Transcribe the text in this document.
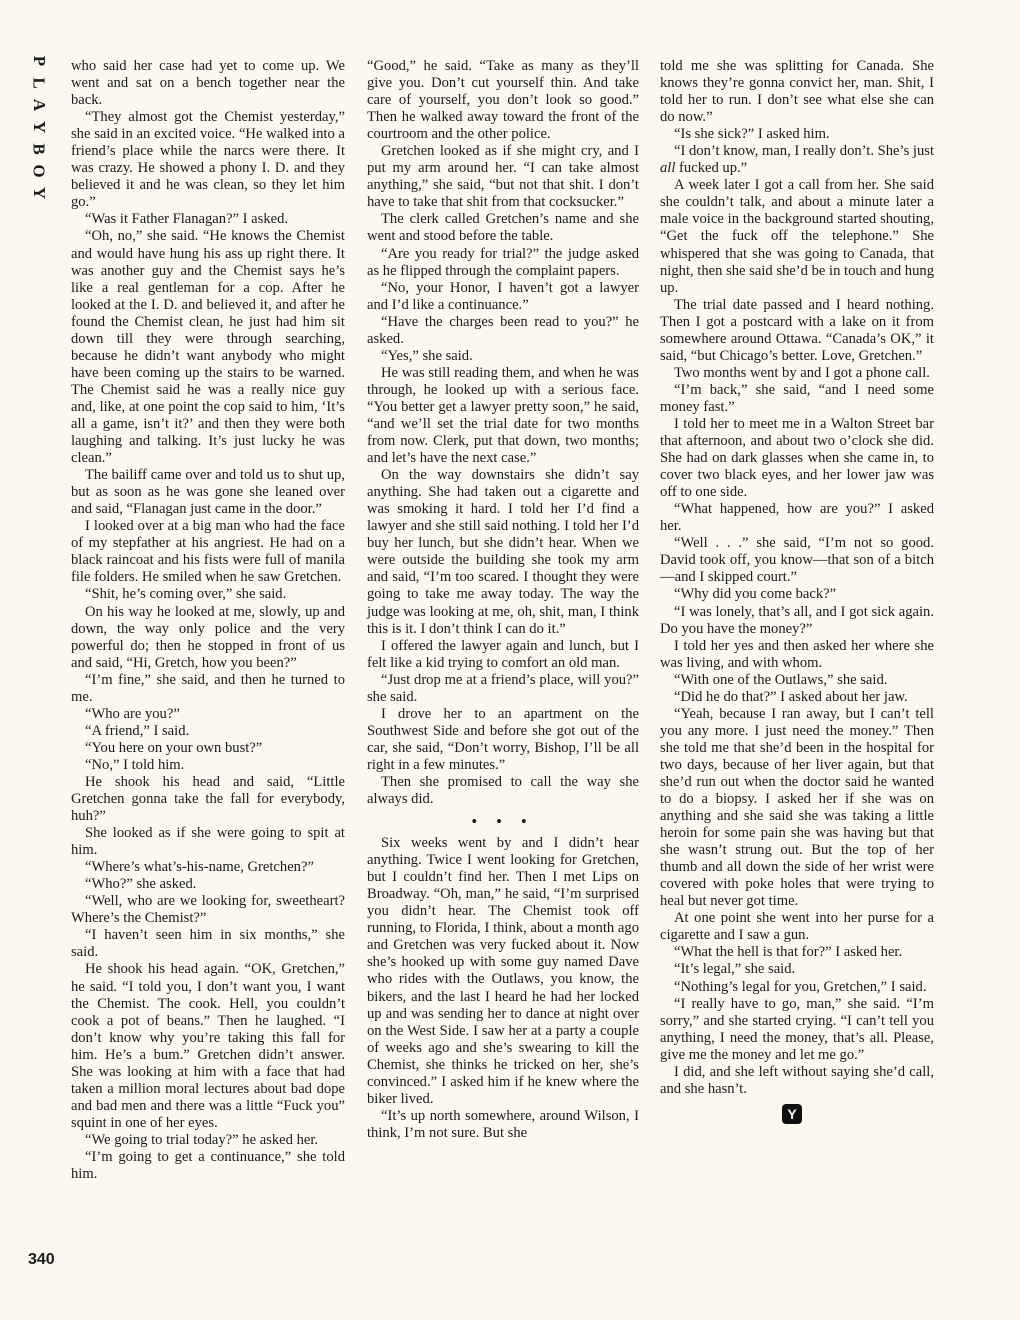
P
L
A
Y
B
O
Y
340

who said her case had yet to come up. We went and sat on a bench together near the back.

“They almost got the Chemist yesterday,” she said in an excited voice. “He walked into a friend’s place while the narcs were there. It was crazy. He showed a phony I. D. and they believed it and he was clean, so they let him go.”

“Was it Father Flanagan?” I asked.

“Oh, no,” she said. “He knows the Chemist and would have hung his ass up right there. It was another guy and the Chemist says he’s like a real gentleman for a cop. After he looked at the I. D. and believed it, and after he found the Chemist clean, he just had him sit down till they were through searching, because he didn’t want anybody who might have been coming up the stairs to be warned. The Chemist said he was a really nice guy and, like, at one point the cop said to him, ‘It’s all a game, isn’t it?’ and then they were both laughing and talking. It’s just lucky he was clean.”

The bailiff came over and told us to shut up, but as soon as he was gone she leaned over and said, “Flanagan just came in the door.”

I looked over at a big man who had the face of my stepfather at his angriest. He had on a black raincoat and his fists were full of manila file folders. He smiled when he saw Gretchen.

“Shit, he’s coming over,” she said.

On his way he looked at me, slowly, up and down, the way only police and the very powerful do; then he stopped in front of us and said, “Hi, Gretch, how you been?”

“I’m fine,” she said, and then he turned to me.

“Who are you?”

“A friend,” I said.

“You here on your own bust?”

“No,” I told him.

He shook his head and said, “Little Gretchen gonna take the fall for everybody, huh?”

She looked as if she were going to spit at him.

“Where’s what’s-his-name, Gretchen?”

“Who?” she asked.

“Well, who are we looking for, sweetheart? Where’s the Chemist?”

“I haven’t seen him in six months,” she said.

He shook his head again. “OK, Gretchen,” he said. “I told you, I don’t want you, I want the Chemist. The cook. Hell, you couldn’t cook a pot of beans.” Then he laughed. “I don’t know why you’re taking this fall for him. He’s a bum.” Gretchen didn’t answer. She was looking at him with a face that had taken a million moral lectures about bad dope and bad men and there was a little “Fuck you” squint in one of her eyes.

“We going to trial today?” he asked her.

“I’m going to get a continuance,” she told him.

“Good,” he said. “Take as many as they’ll give you. Don’t cut yourself thin. And take care of yourself, you don’t look so good.” Then he walked away toward the front of the courtroom and the other police.

Gretchen looked as if she might cry, and I put my arm around her. “I can take almost anything,” she said, “but not that shit. I don’t have to take that shit from that cocksucker.”

The clerk called Gretchen’s name and she went and stood before the table.

“Are you ready for trial?” the judge asked as he flipped through the complaint papers.

“No, your Honor, I haven’t got a lawyer and I’d like a continuance.”

“Have the charges been read to you?” he asked.

“Yes,” she said.

He was still reading them, and when he was through, he looked up with a serious face. “You better get a lawyer pretty soon,” he said, “and we’ll set the trial date for two months from now. Clerk, put that down, two months; and let’s have the next case.”

On the way downstairs she didn’t say anything. She had taken out a cigarette and was smoking it hard. I told her I’d find a lawyer and she still said nothing. I told her I’d buy her lunch, but she didn’t hear. When we were outside the building she took my arm and said, “I’m too scared. I thought they were going to take me away today. The way the judge was looking at me, oh, shit, man, I think this is it. I don’t think I can do it.”

I offered the lawyer again and lunch, but I felt like a kid trying to comfort an old man.

“Just drop me at a friend’s place, will you?” she said.

I drove her to an apartment on the Southwest Side and before she got out of the car, she said, “Don’t worry, Bishop, I’ll be all right in a few minutes.”

Then she promised to call the way she always did.

• • •

Six weeks went by and I didn’t hear anything. Twice I went looking for Gretchen, but I couldn’t find her. Then I met Lips on Broadway. “Oh, man,” he said, “I’m surprised you didn’t hear. The Chemist took off running, to Florida, I think, about a month ago and Gretchen was very fucked about it. Now she’s hooked up with some guy named Dave who rides with the Outlaws, you know, the bikers, and the last I heard he had her locked up and was sending her to dance at night over on the West Side. I saw her at a party a couple of weeks ago and she’s swearing to kill the Chemist, she thinks he tricked on her, she’s convinced.” I asked him if he knew where the biker lived.

“It’s up north somewhere, around Wilson, I think, I’m not sure. But she

told me she was splitting for Canada. She knows they’re gonna convict her, man. Shit, I told her to run. I don’t see what else she can do now.”

“Is she sick?” I asked him.

“I don’t know, man, I really don’t. She’s just all fucked up.”

A week later I got a call from her. She said she couldn’t talk, and about a minute later a male voice in the background started shouting, “Get the fuck off the telephone.” She whispered that she was going to Canada, that night, then she said she’d be in touch and hung up.

The trial date passed and I heard nothing. Then I got a postcard with a lake on it from somewhere around Ottawa. “Canada’s OK,” it said, “but Chicago’s better. Love, Gretchen.”

Two months went by and I got a phone call.

“I’m back,” she said, “and I need some money fast.”

I told her to meet me in a Walton Street bar that afternoon, and about two o’clock she did. She had on dark glasses when she came in, to cover two black eyes, and her lower jaw was off to one side.

“What happened, how are you?” I asked her.

“Well . . .” she said, “I’m not so good. David took off, you know—that son of a bitch—and I skipped court.”

“Why did you come back?”

“I was lonely, that’s all, and I got sick again. Do you have the money?”

I told her yes and then asked her where she was living, and with whom.

“With one of the Outlaws,” she said.

“Did he do that?” I asked about her jaw.

“Yeah, because I ran away, but I can’t tell you any more. I just need the money.” Then she told me that she’d been in the hospital for two days, because of her liver again, but that she’d run out when the doctor said he wanted to do a biopsy. I asked her if she was on anything and she said she was taking a little heroin for some pain she was having but that she wasn’t strung out. But the top of her thumb and all down the side of her wrist were covered with poke holes that were trying to heal but never got time.

At one point she went into her purse for a cigarette and I saw a gun.

“What the hell is that for?” I asked her.

“It’s legal,” she said.

“Nothing’s legal for you, Gretchen,” I said.

“I really have to go, man,” she said. “I’m sorry,” and she started crying. “I can’t tell you anything, I need the money, that’s all. Please, give me the money and let me go.”

I did, and she left without saying she’d call, and she hasn’t.

Y
